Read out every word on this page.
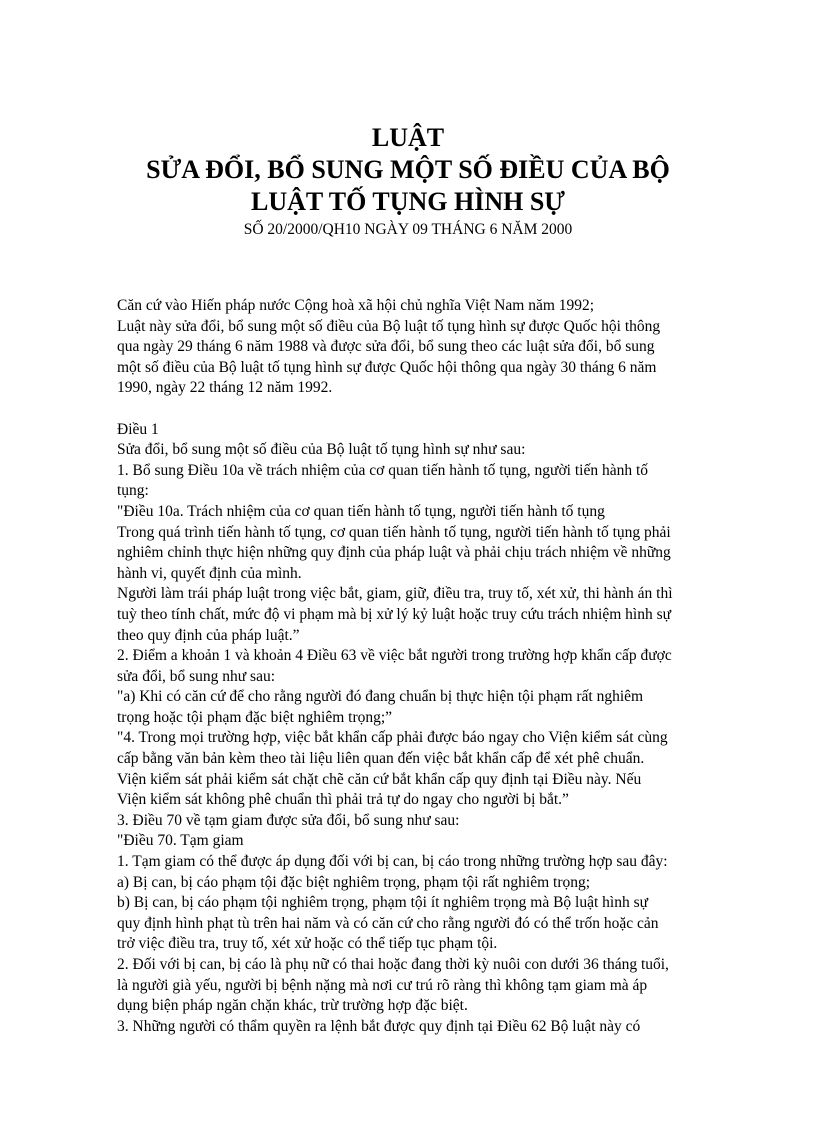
LUẬT
SỬA ĐỔI, BỔ SUNG MỘT SỐ ĐIỀU CỦA BỘ
LUẬT TỐ TỤNG HÌNH SỰ
SỐ 20/2000/QH10 NGÀY 09 THÁNG 6 NĂM 2000

Căn cứ vào Hiến pháp nước Cộng hoà xã hội chủ nghĩa Việt Nam năm 1992;

Luật này sửa đổi, bổ sung một số điều của Bộ luật tố tụng hình sự được Quốc hội thông

qua ngày 29 tháng 6 năm 1988 và được sửa đổi, bổ sung theo các luật sửa đổi, bổ sung

một số điều của Bộ luật tố tụng hình sự được Quốc hội thông qua ngày 30 tháng 6 năm

1990, ngày 22 tháng 12 năm 1992.

Điều 1

Sửa đổi, bổ sung một số điều của Bộ luật tố tụng hình sự như sau:

1. Bổ sung Điều 10a về trách nhiệm của cơ quan tiến hành tố tụng, người tiến hành tố

tụng:

"Điều 10a. Trách nhiệm của cơ quan tiến hành tố tụng, người tiến hành tố tụng

Trong quá trình tiến hành tố tụng, cơ quan tiến hành tố tụng, người tiến hành tố tụng phải

nghiêm chỉnh thực hiện những quy định của pháp luật và phải chịu trách nhiệm về những

hành vi, quyết định của mình.

Người làm trái pháp luật trong việc bắt, giam, giữ, điều tra, truy tố, xét xử, thi hành án thì

tuỳ theo tính chất, mức độ vi phạm mà bị xử lý kỷ luật hoặc truy cứu trách nhiệm hình sự

theo quy định của pháp luật.”

2. Điểm a khoản 1 và khoản 4 Điều 63 về việc bắt người trong trường hợp khẩn cấp được

sửa đổi, bổ sung như sau:

"a) Khi có căn cứ để cho rằng người đó đang chuẩn bị thực hiện tội phạm rất nghiêm

trọng hoặc tội phạm đặc biệt nghiêm trọng;”

"4. Trong mọi trường hợp, việc bắt khẩn cấp phải được báo ngay cho Viện kiểm sát cùng

cấp bằng văn bản kèm theo tài liệu liên quan đến việc bắt khẩn cấp để xét phê chuẩn.

Viện kiểm sát phải kiểm sát chặt chẽ căn cứ bắt khẩn cấp quy định tại Điều này. Nếu

Viện kiểm sát không phê chuẩn thì phải trả tự do ngay cho người bị bắt.”

3. Điều 70 về tạm giam được sửa đổi, bổ sung như sau:

"Điều 70. Tạm giam

1. Tạm giam có thể được áp dụng đối với bị can, bị cáo trong những trường hợp sau đây:

a) Bị can, bị cáo phạm tội đặc biệt nghiêm trọng, phạm tội rất nghiêm trọng;

b) Bị can, bị cáo phạm tội nghiêm trọng, phạm tội ít nghiêm trọng mà Bộ luật hình sự

quy định hình phạt tù trên hai năm và có căn cứ cho rằng người đó có thể trốn hoặc cản

trở việc điều tra, truy tố, xét xử hoặc có thể tiếp tục phạm tội.

2. Đối với bị can, bị cáo là phụ nữ có thai hoặc đang thời kỳ nuôi con dưới 36 tháng tuổi,

là người già yếu, người bị bệnh nặng mà nơi cư trú rõ ràng thì không tạm giam mà áp

dụng biện pháp ngăn chặn khác, trừ trường hợp đặc biệt.

3. Những người có thẩm quyền ra lệnh bắt được quy định tại Điều 62 Bộ luật này có
